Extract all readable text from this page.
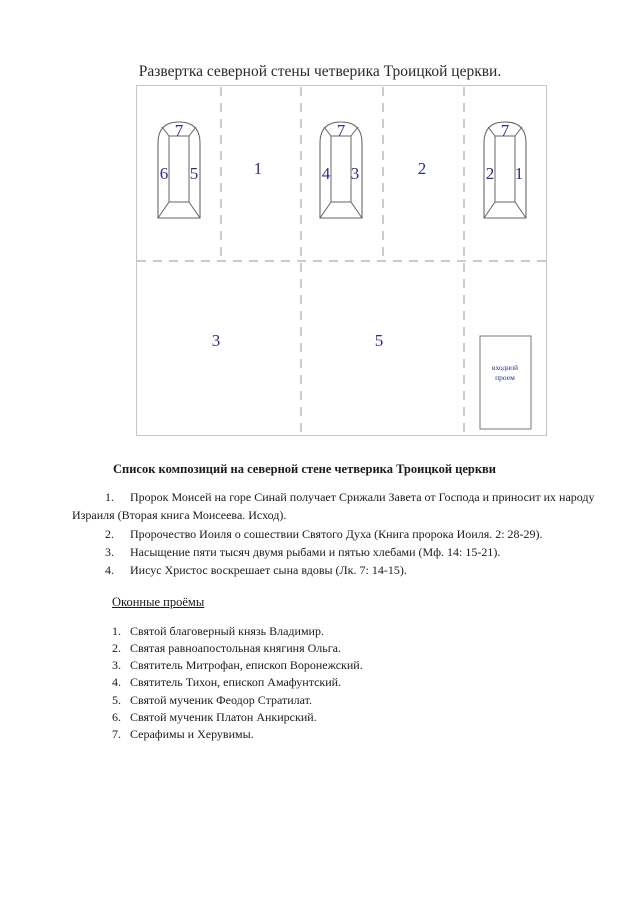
Развертка северной стены четверика Троицкой церкви.
7
6 5
7
4 3
7
2 1
1	2
3	5
входной
проем
Список композиций на северной стене четверика Троицкой церкви
1. Пророк Моисей на горе Синай получает Срижали Завета от Господа и приносит их народу Израиля (Вторая книга Моисеева. Исход).
2. Пророчество Иоиля о сошествии Святого Духа (Книга пророка Иоиля. 2: 28-29).
3. Насыщение пяти тысяч двумя рыбами и пятью хлебами (Мф. 14: 15-21).
4. Иисус Христос воскрешает сына вдовы (Лк. 7: 14-15).
Оконные проёмы
1. Святой благоверный князь Владимир.
2. Святая равноапостольная княгиня Ольга.
3. Святитель Митрофан, епископ Воронежский.
4. Святитель Тихон, епископ Амафунтский.
5. Святой мученик Феодор Стратилат.
6. Святой мученик Платон Анкирский.
7. Серафимы и Херувимы.
